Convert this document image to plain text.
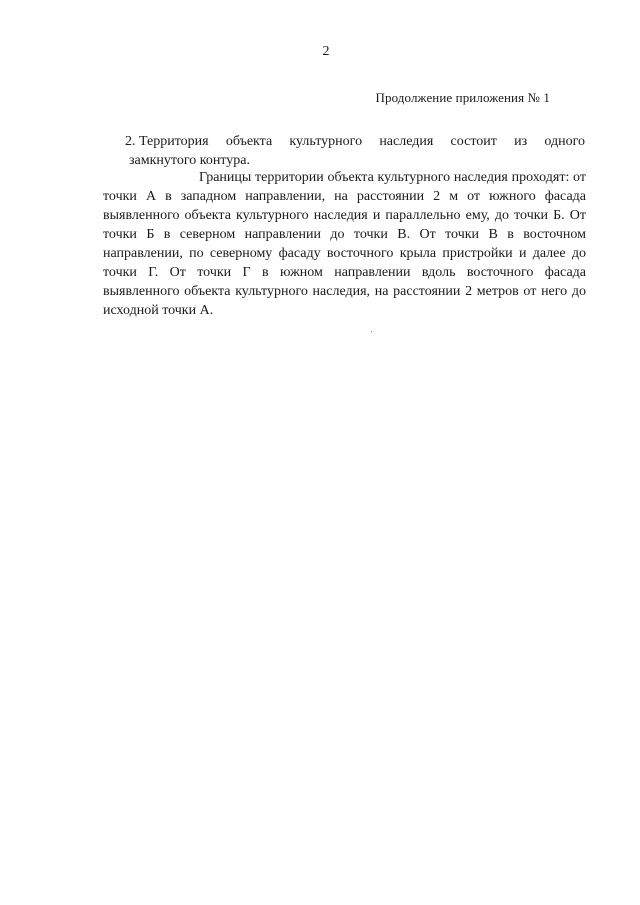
2
Продолжение приложения № 1
2. Территория объекта культурного наследия состоит из одного
замкнутого контура.

Границы территории объекта культурного наследия проходят: от точки А в западном направлении, на расстоянии 2 м от южного фасада выявленного объекта культурного наследия и параллельно ему, до точки Б. От точки Б в северном направлении до точки В. От точки В в восточном направлении, по северному фасаду восточного крыла пристройки и далее до точки Г. От точки Г в южном направлении вдоль восточного фасада выявленного объекта культурного наследия, на расстоянии 2 метров от него до исходной точки А.
